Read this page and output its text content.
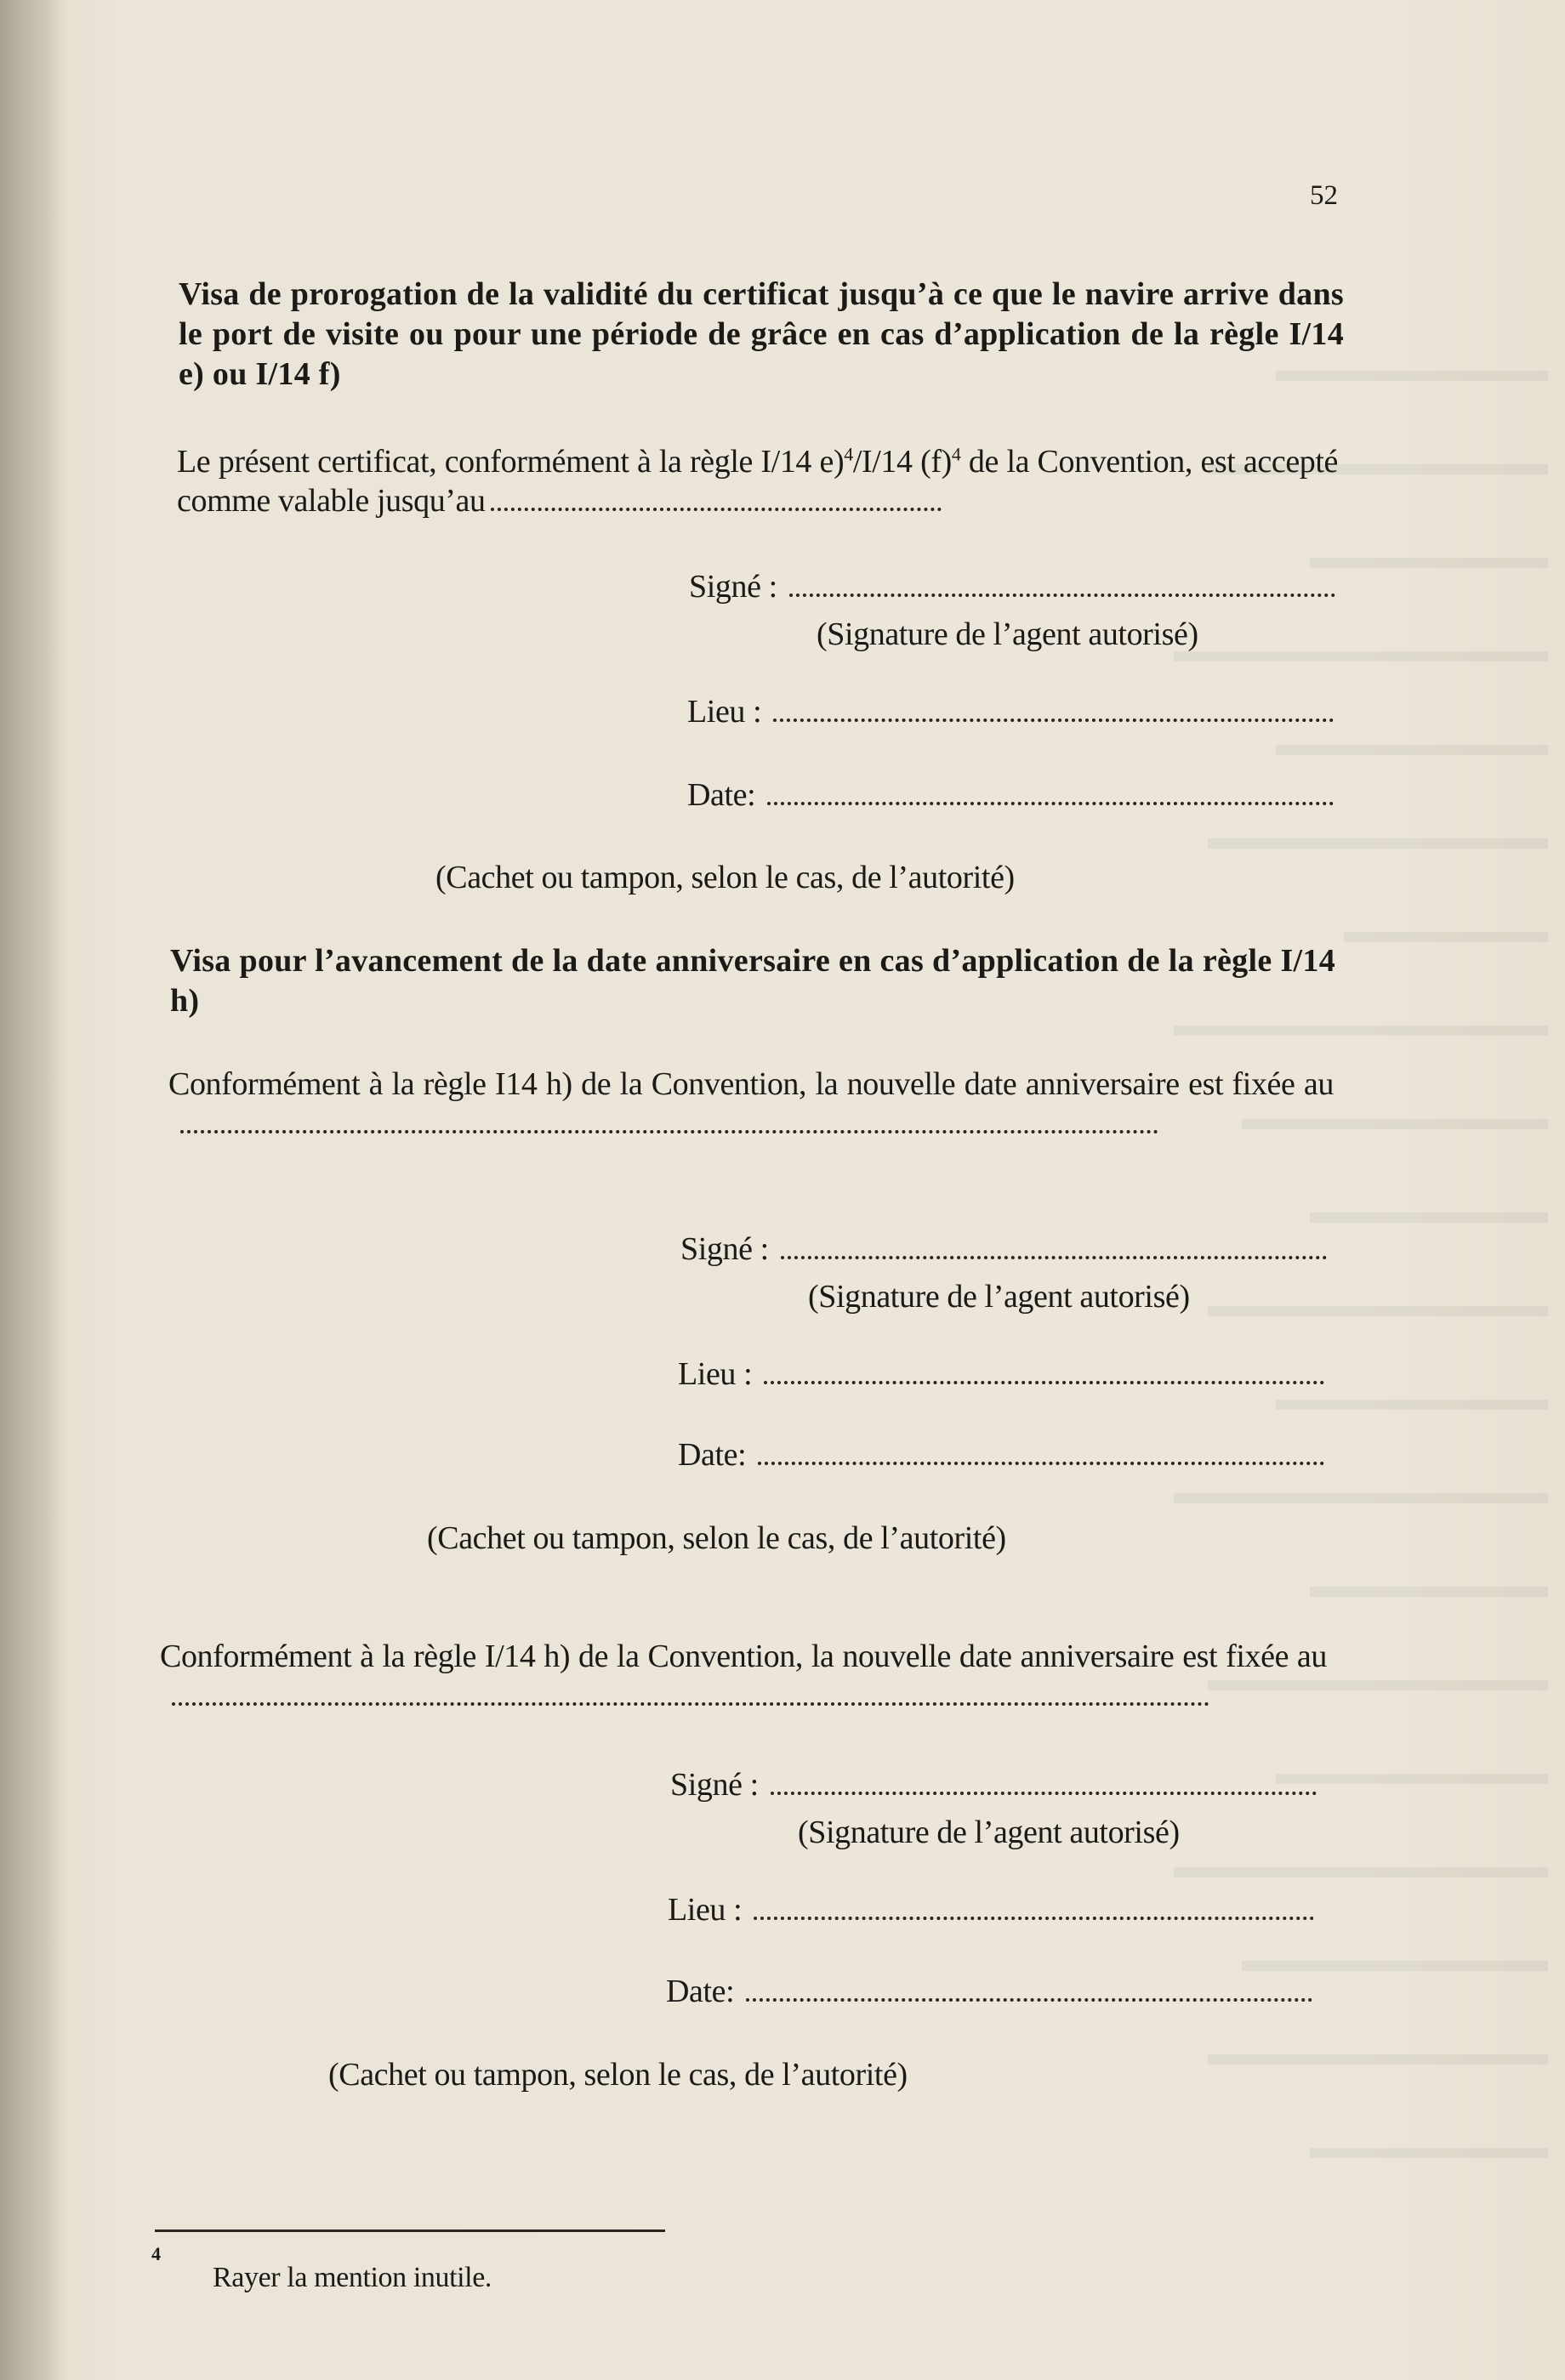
52
Visa de prorogation de la validité du certificat jusqu’à ce que le navire arrive dans le port de visite ou pour une période de grâce en cas d’application de la règle I/14 e) ou I/14 f)
Le présent certificat, conformément à la règle I/14 e)$^4$/I/14 $(f)^4$ de la Convention, est accepté comme valable jusqu’au
Signé :
(Signature de l’agent autorisé)
Lieu :
Date:
(Cachet ou tampon, selon le cas, de l’autorité)
Visa pour l’avancement de la date anniversaire en cas d’application de la règle I/14 h)
Conformément à la règle I14 h) de la Convention, la nouvelle date anniversaire est fixée au
Signé :
(Signature de l’agent autorisé)
Lieu :
Date:
(Cachet ou tampon, selon le cas, de l’autorité)
Conformément à la règle I/14 h) de la Convention, la nouvelle date anniversaire est fixée au
Signé :
(Signature de l’agent autorisé)
Lieu :
Date:
(Cachet ou tampon, selon le cas, de l’autorité)
4
Rayer la mention inutile.
